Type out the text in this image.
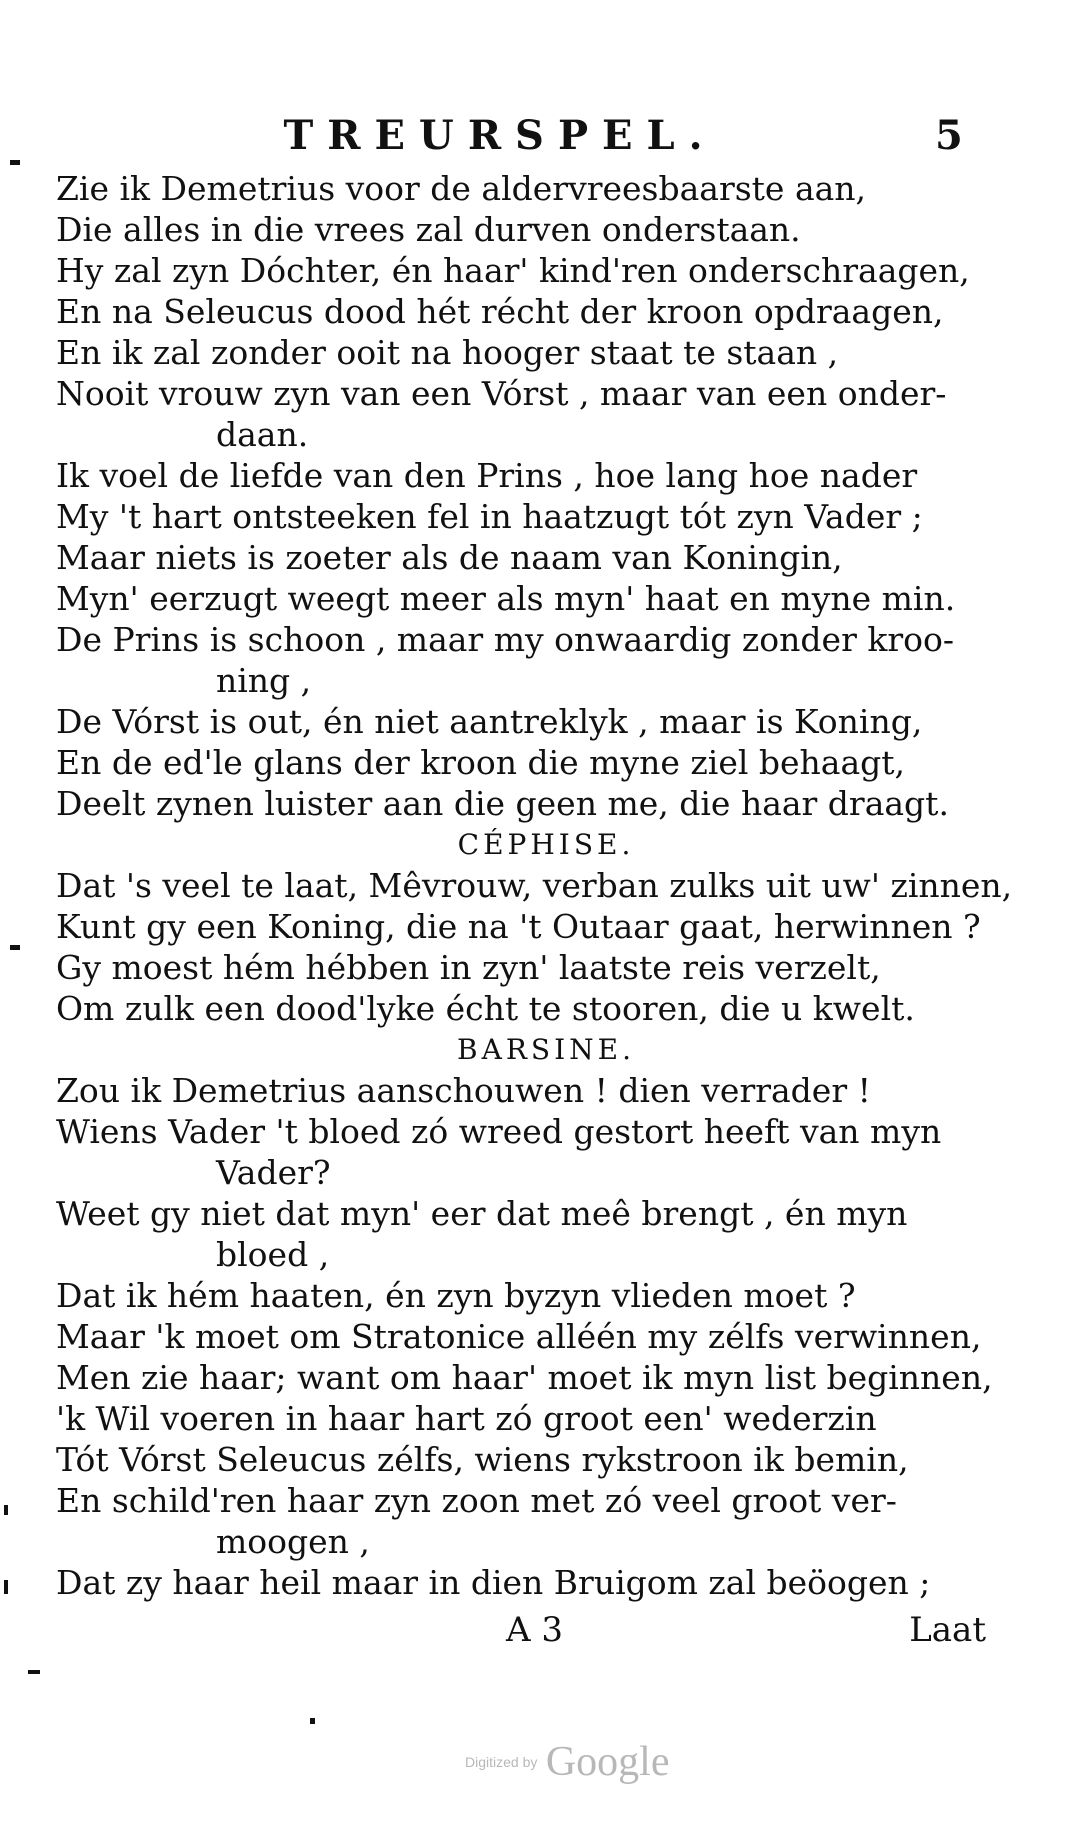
TREURSPEL.	5
Zie ik Demetrius voor de aldervreesbaarste aan,
Die alles in die vrees zal durven onderstaan.
Hy zal zyn Dóchter, én haar' kind'ren onderschraagen,
En na Seleucus dood hét récht der kroon opdraagen,
En ik zal zonder ooit na hooger staat te staan ,
Nooit vrouw zyn van een Vórst , maar van een onder-
daan.
Ik voel de liefde van den Prins , hoe lang hoe nader
My 't hart ontsteeken fel in haatzugt tót zyn Vader ;
Maar niets is zoeter als de naam van Koningin,
Myn' eerzugt weegt meer als myn' haat en myne min.
De Prins is schoon , maar my onwaardig zonder kroo-
ning ,
De Vórst is out, én niet aantreklyk , maar is Koning,
En de ed'le glans der kroon die myne ziel behaagt,
Deelt zynen luister aan die geen me, die haar draagt.
CÉPHISE.
Dat 's veel te laat, Mêvrouw, verban zulks uit uw' zinnen,
Kunt gy een Koning, die na 't Outaar gaat, herwinnen ?
Gy moest hém hébben in zyn' laatste reis verzelt,
Om zulk een dood'lyke écht te stooren, die u kwelt.
BARSINE.
Zou ik Demetrius aanschouwen ! dien verrader !
Wiens Vader 't bloed zó wreed gestort heeft van myn
Vader?
Weet gy niet dat myn' eer dat meê brengt , én myn
bloed ,
Dat ik hém haaten, én zyn byzyn vlieden moet ?
Maar 'k moet om Stratonice alléén my zélfs verwinnen,
Men zie haar; want om haar' moet ik myn list beginnen,
'k Wil voeren in haar hart zó groot een' wederzin
Tót Vórst Seleucus zélfs, wiens rykstroon ik bemin,
En schild'ren haar zyn zoon met zó veel groot ver-
moogen ,
Dat zy haar heil maar in dien Bruigom zal beöogen ;
A 3	Laat
Digitized by Google
